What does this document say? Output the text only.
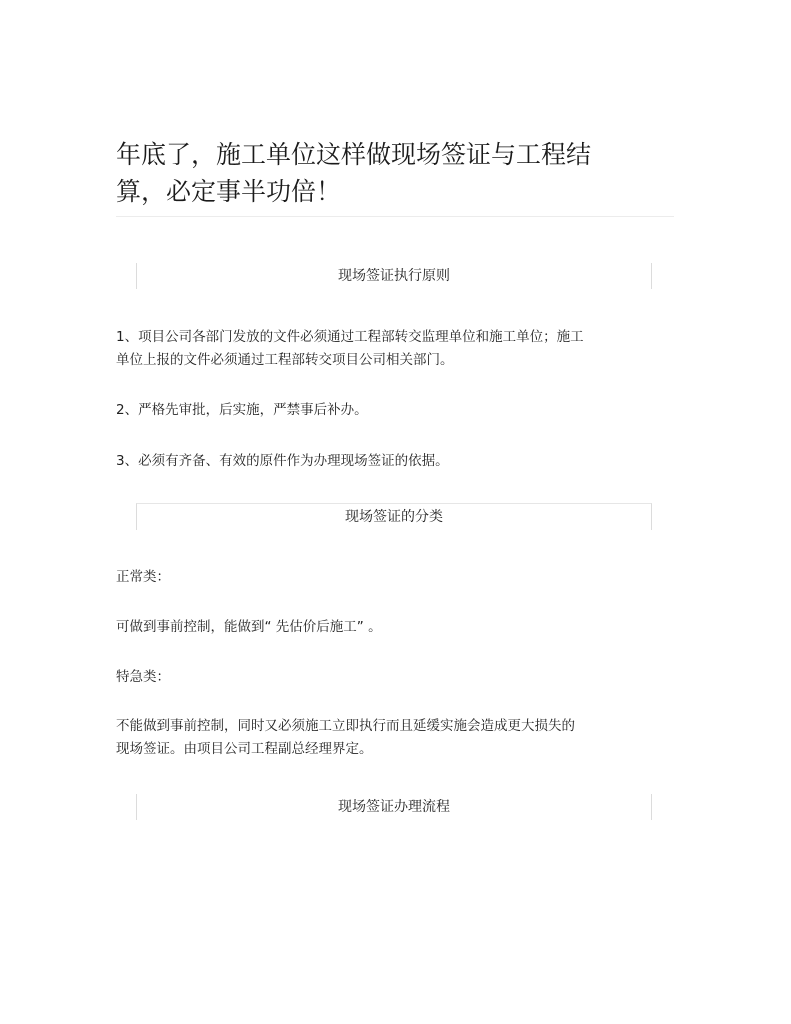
年底了，施工单位这样做现场签证与工程结
算，必定事半功倍！
现场签证执行原则

1、项目公司各部门发放的文件必须通过工程部转交监理单位和施工单位；施工
单位上报的文件必须通过工程部转交项目公司相关部门。

2、严格先审批，后实施，严禁事后补办。

3、必须有齐备、有效的原件作为办理现场签证的依据。

现场签证的分类

正常类：

可做到事前控制，能做到“ 先估价后施工” 。

特急类：

不能做到事前控制，同时又必须施工立即执行而且延缓实施会造成更大损失的
现场签证。由项目公司工程副总经理界定。

现场签证办理流程
